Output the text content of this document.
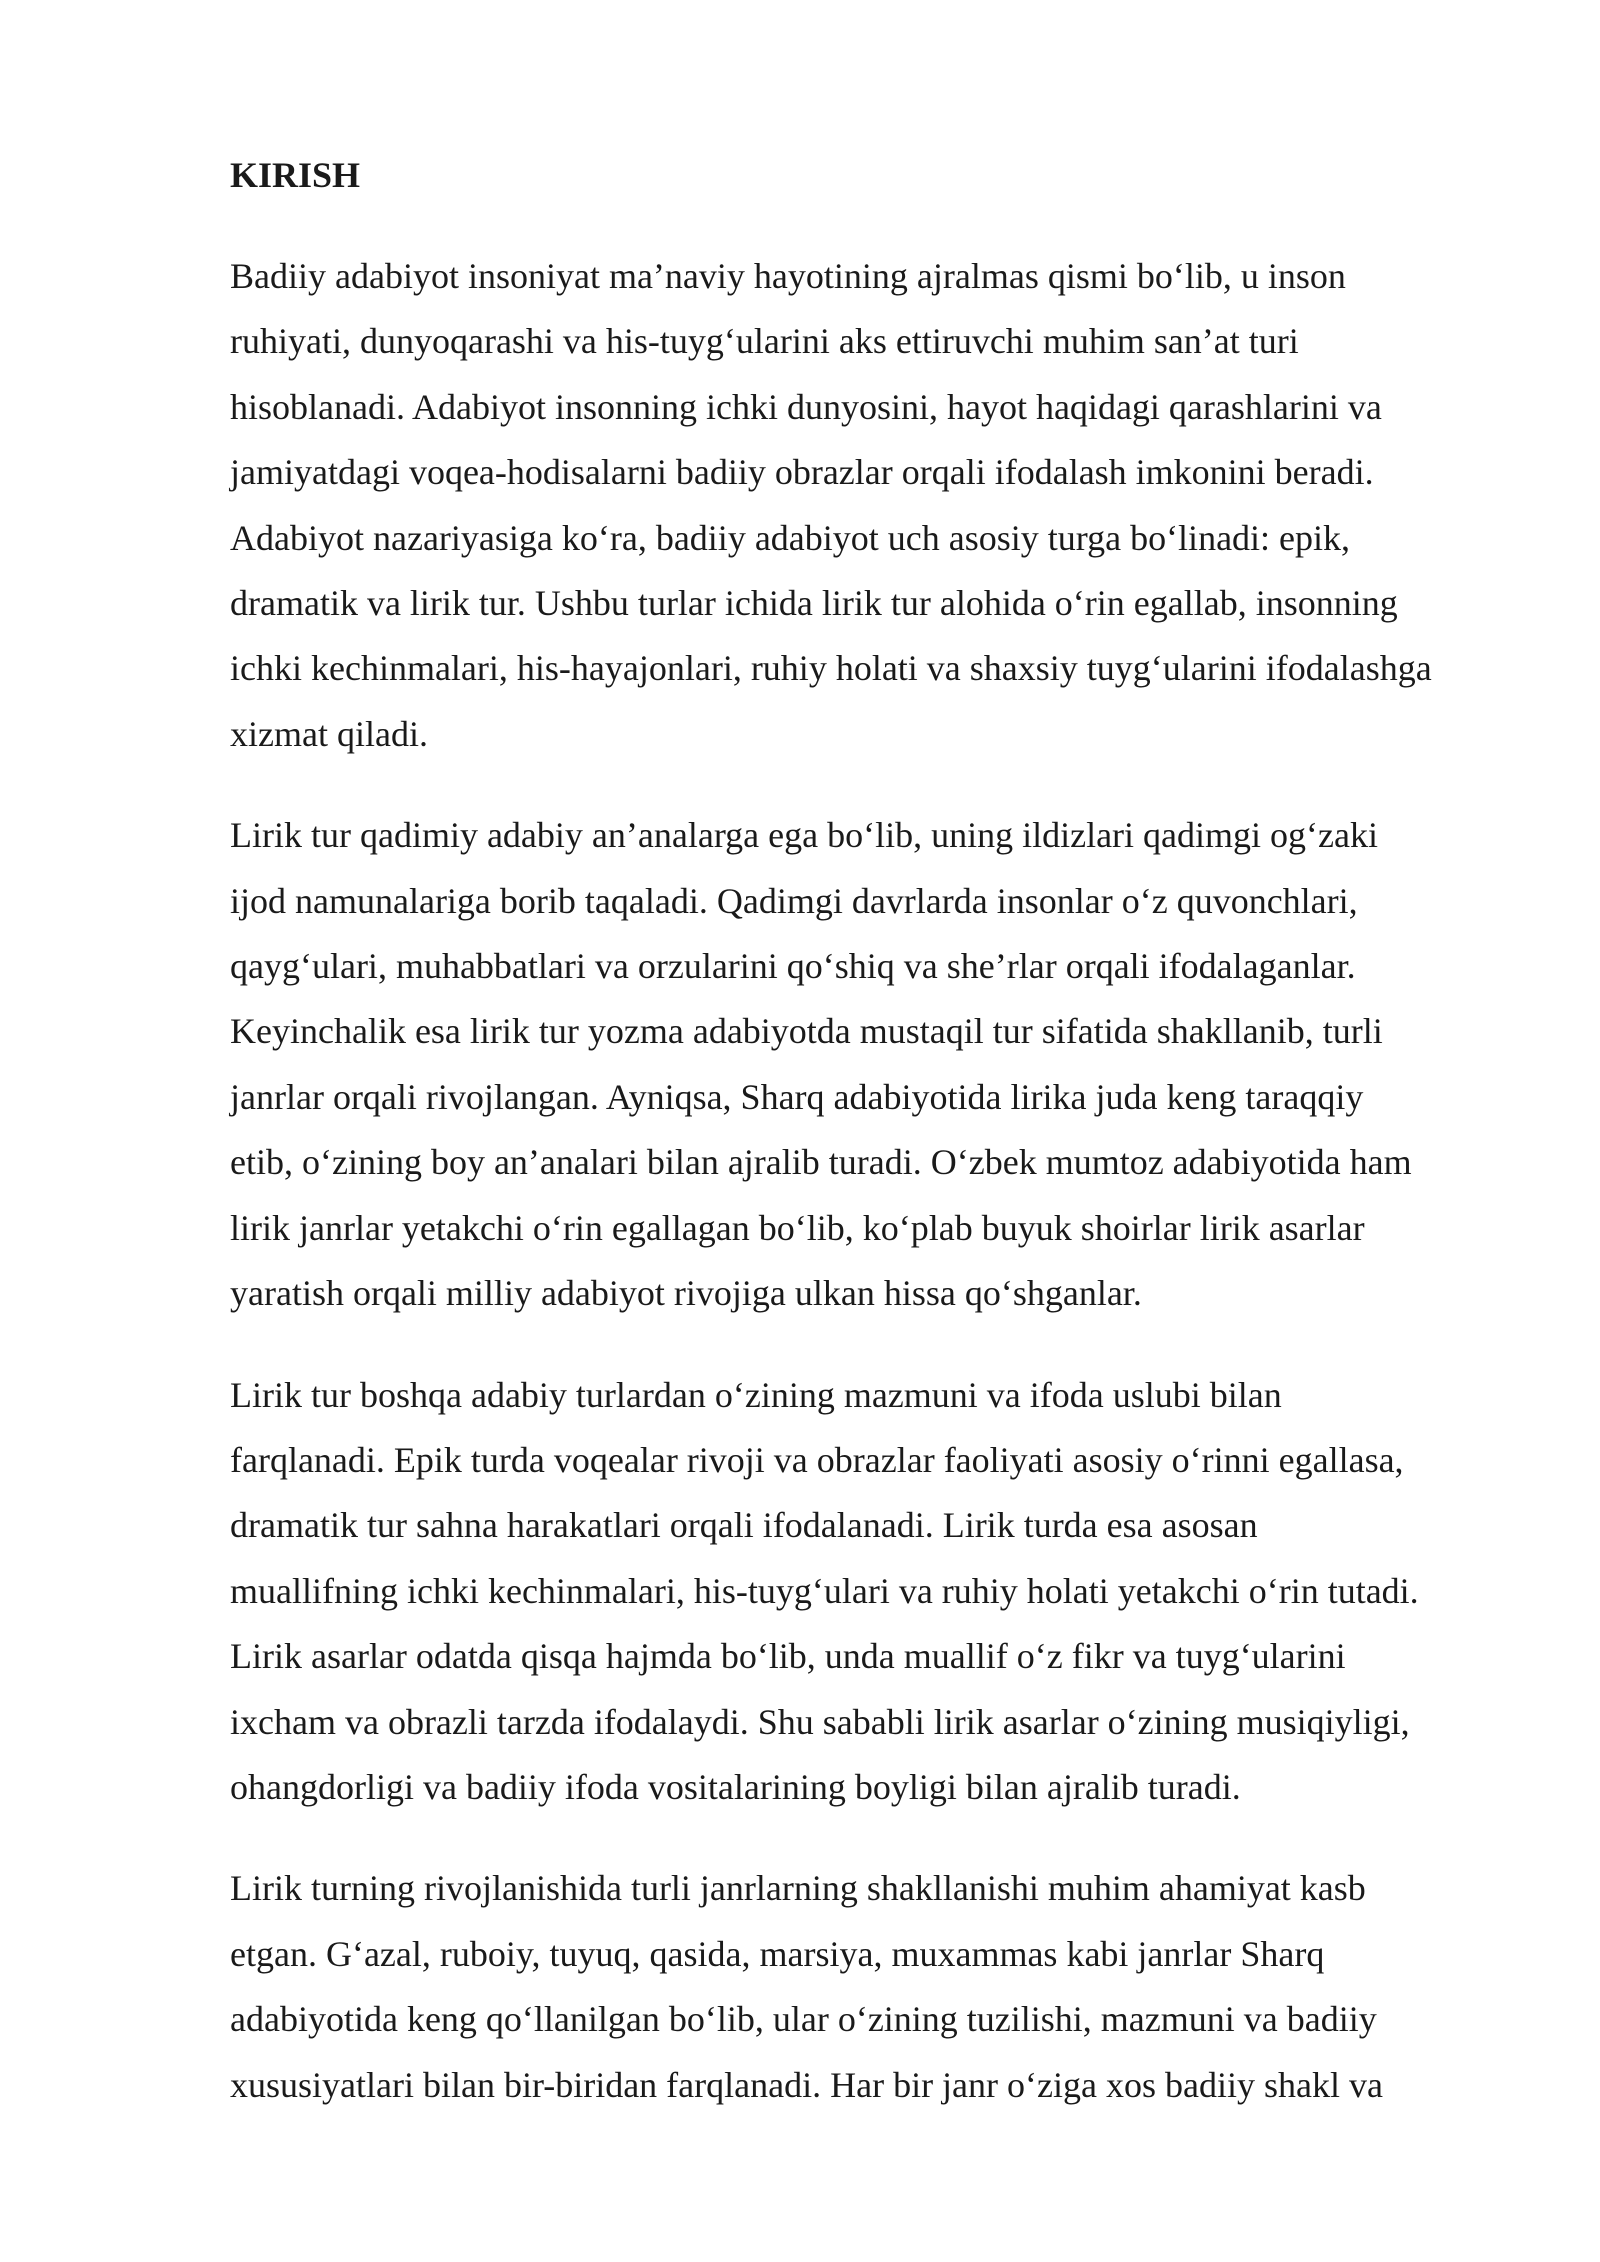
KIRISH
Badiiy adabiyot insoniyat ma’naviy hayotining ajralmas qismi bo‘lib, u inson
ruhiyati, dunyoqarashi va his-tuyg‘ularini aks ettiruvchi muhim san’at turi
hisoblanadi. Adabiyot insonning ichki dunyosini, hayot haqidagi qarashlarini va
jamiyatdagi voqea-hodisalarni badiiy obrazlar orqali ifodalash imkonini beradi.
Adabiyot nazariyasiga ko‘ra, badiiy adabiyot uch asosiy turga bo‘linadi: epik,
dramatik va lirik tur. Ushbu turlar ichida lirik tur alohida o‘rin egallab, insonning
ichki kechinmalari, his-hayajonlari, ruhiy holati va shaxsiy tuyg‘ularini ifodalashga
xizmat qiladi.
Lirik tur qadimiy adabiy an’analarga ega bo‘lib, uning ildizlari qadimgi og‘zaki
ijod namunalariga borib taqaladi. Qadimgi davrlarda insonlar o‘z quvonchlari,
qayg‘ulari, muhabbatlari va orzularini qo‘shiq va she’rlar orqali ifodalaganlar.
Keyinchalik esa lirik tur yozma adabiyotda mustaqil tur sifatida shakllanib, turli
janrlar orqali rivojlangan. Ayniqsa, Sharq adabiyotida lirika juda keng taraqqiy
etib, o‘zining boy an’analari bilan ajralib turadi. O‘zbek mumtoz adabiyotida ham
lirik janrlar yetakchi o‘rin egallagan bo‘lib, ko‘plab buyuk shoirlar lirik asarlar
yaratish orqali milliy adabiyot rivojiga ulkan hissa qo‘shganlar.
Lirik tur boshqa adabiy turlardan o‘zining mazmuni va ifoda uslubi bilan
farqlanadi. Epik turda voqealar rivoji va obrazlar faoliyati asosiy o‘rinni egallasa,
dramatik tur sahna harakatlari orqali ifodalanadi. Lirik turda esa asosan
muallifning ichki kechinmalari, his-tuyg‘ulari va ruhiy holati yetakchi o‘rin tutadi.
Lirik asarlar odatda qisqa hajmda bo‘lib, unda muallif o‘z fikr va tuyg‘ularini
ixcham va obrazli tarzda ifodalaydi. Shu sababli lirik asarlar o‘zining musiqiyligi,
ohangdorligi va badiiy ifoda vositalarining boyligi bilan ajralib turadi.
Lirik turning rivojlanishida turli janrlarning shakllanishi muhim ahamiyat kasb
etgan. G‘azal, ruboiy, tuyuq, qasida, marsiya, muxammas kabi janrlar Sharq
adabiyotida keng qo‘llanilgan bo‘lib, ular o‘zining tuzilishi, mazmuni va badiiy
xususiyatlari bilan bir-biridan farqlanadi. Har bir janr o‘ziga xos badiiy shakl va
